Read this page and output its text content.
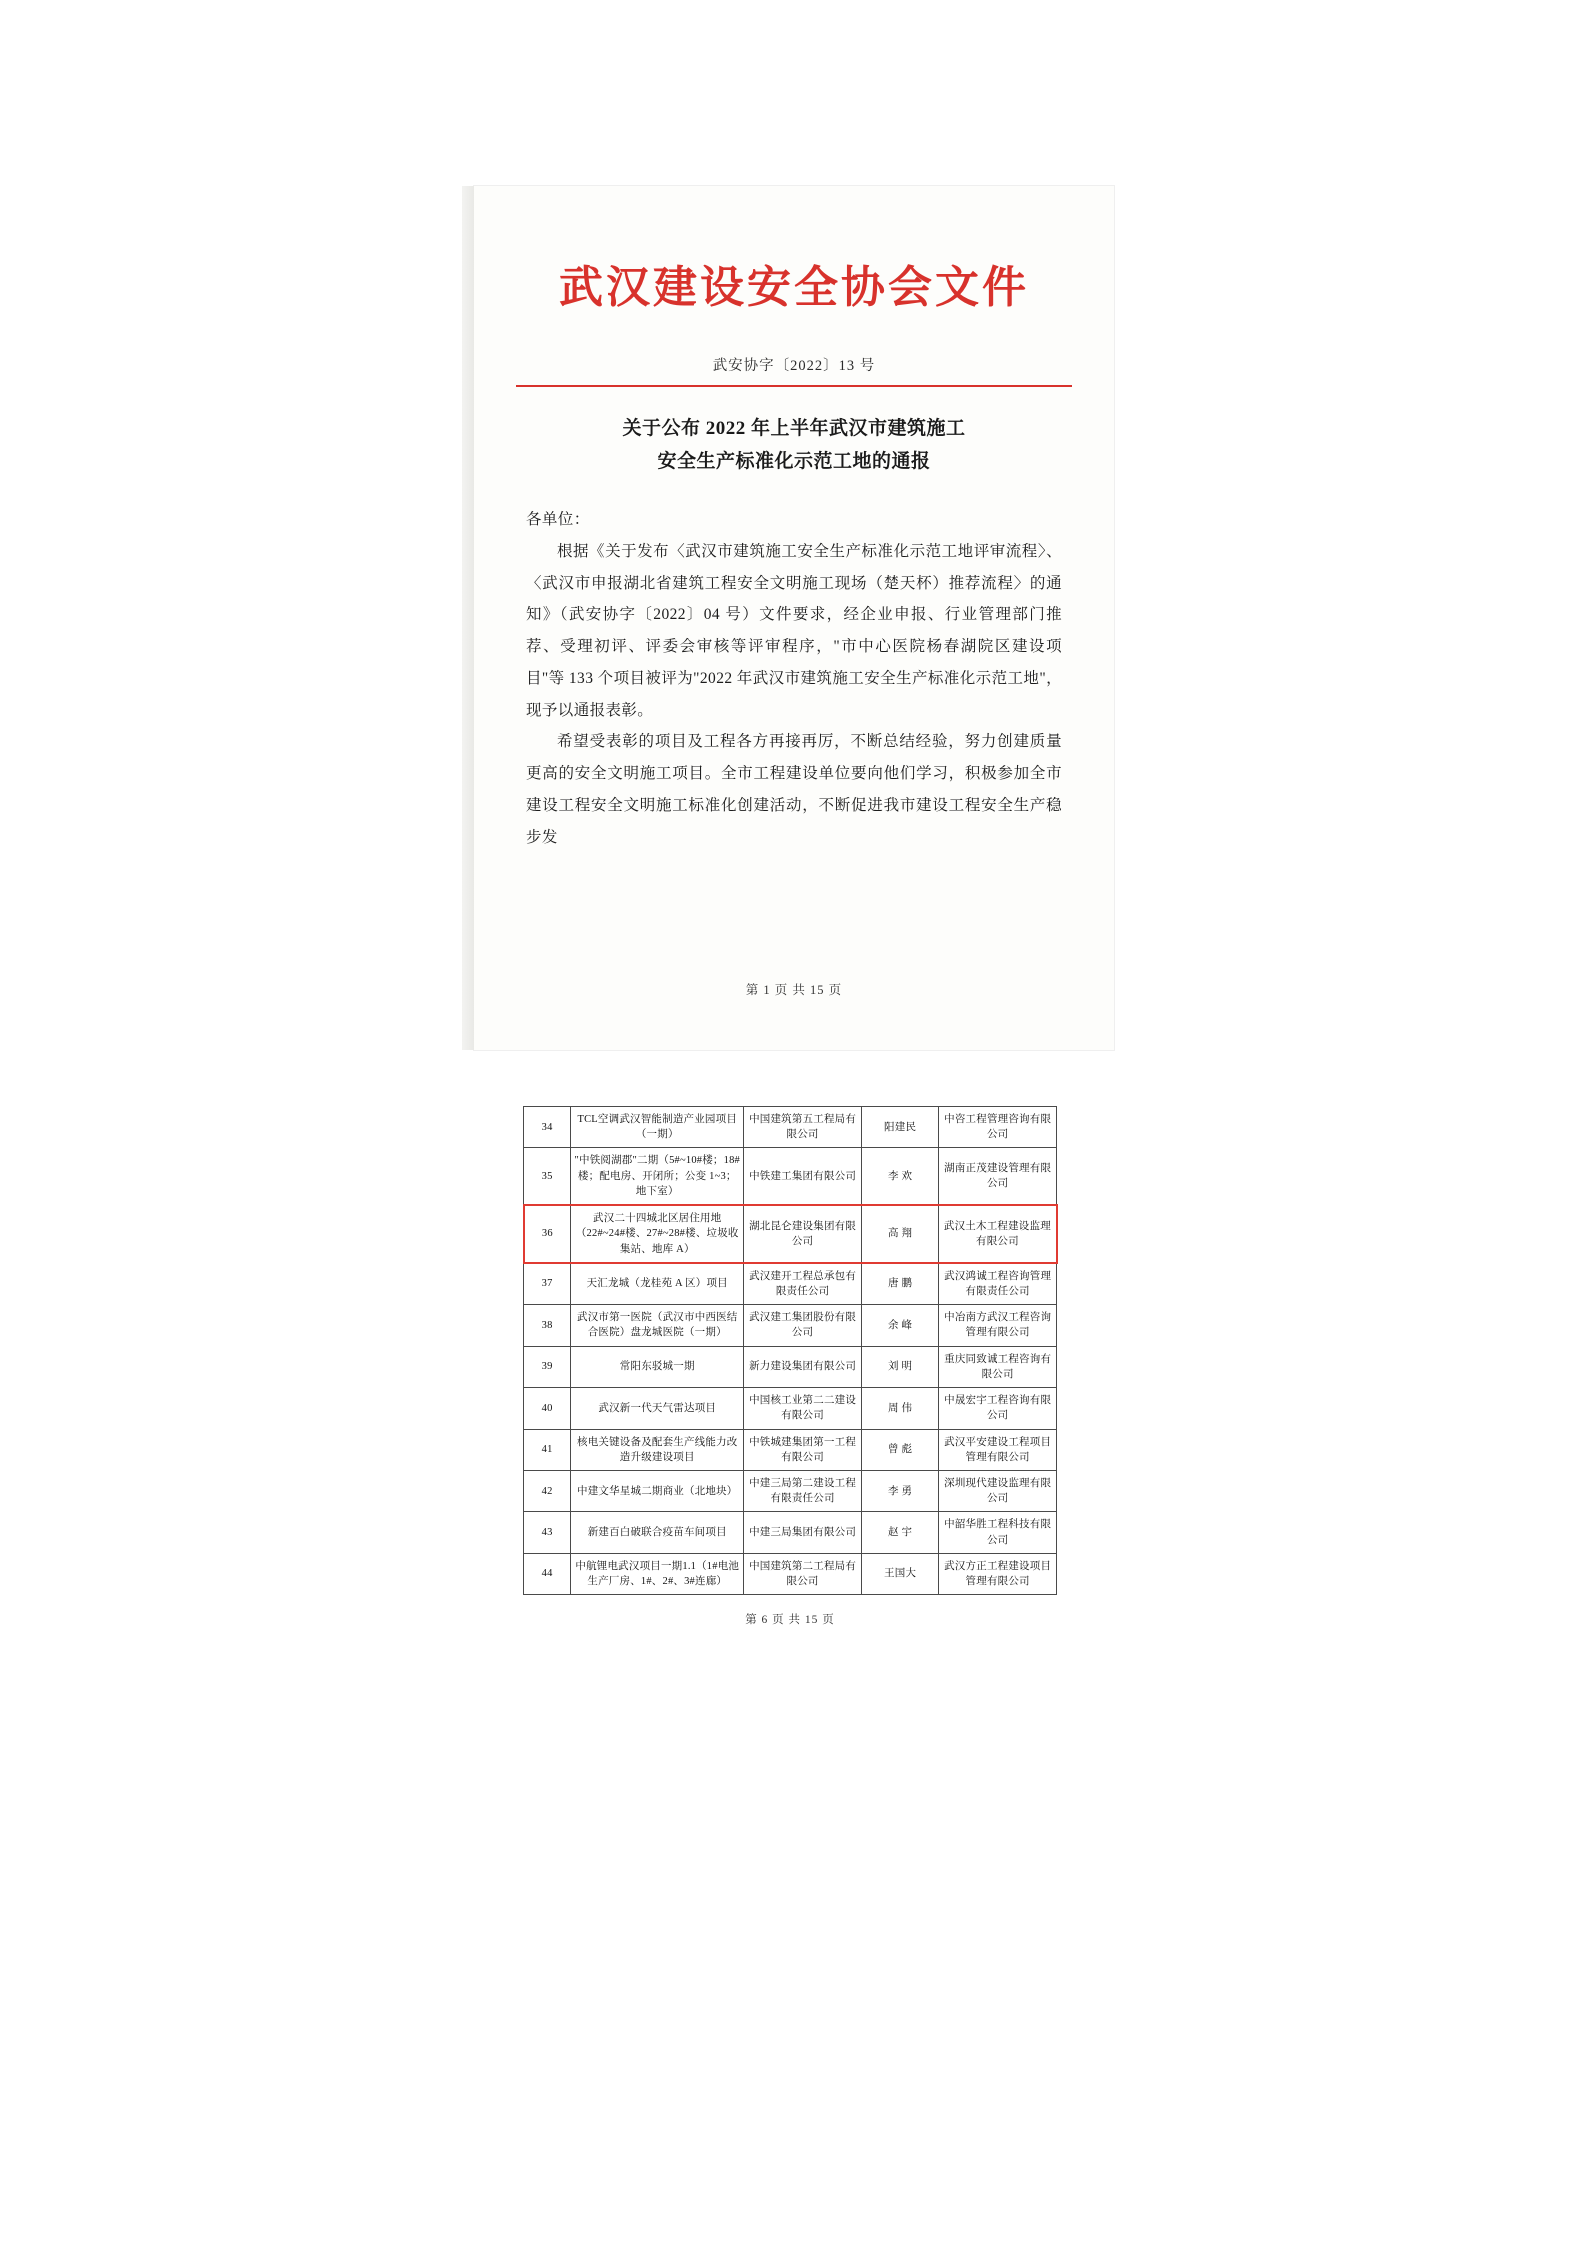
武汉建设安全协会文件
武安协字〔2022〕13 号
关于公布 2022 年上半年武汉市建筑施工
安全生产标准化示范工地的通报

各单位：

根据《关于发布〈武汉市建筑施工安全生产标准化示范工地评审流程〉、〈武汉市申报湖北省建筑工程安全文明施工现场（楚天杯）推荐流程〉的通知》（武安协字〔2022〕04 号）文件要求，经企业申报、行业管理部门推荐、受理初评、评委会审核等评审程序，"市中心医院杨春湖院区建设项目"等 133 个项目被评为"2022 年武汉市建筑施工安全生产标准化示范工地"，现予以通报表彰。

希望受表彰的项目及工程各方再接再厉，不断总结经验，努力创建质量更高的安全文明施工项目。全市工程建设单位要向他们学习，积极参加全市建设工程安全文明施工标准化创建活动，不断促进我市建设工程安全生产稳步发

第 1 页 共 15 页
34	TCL空调武汉智能制造产业园项目（一期）	中国建筑第五工程局有限公司	阳建民	中咨工程管理咨询有限公司
35	"中铁阅湖郡"二期（5#~10#楼；18#楼；配电房、开闭所；公变 1~3；地下室）	中铁建工集团有限公司	李 欢	湖南正茂建设管理有限公司
36	武汉二十四城北区居住用地（22#~24#楼、27#~28#楼、垃圾收集站、地库 A）	湖北昆仑建设集团有限公司	高 翔	武汉土木工程建设监理有限公司
37	天汇龙城（龙桂苑 A 区）项目	武汉建开工程总承包有限责任公司	唐 鹏	武汉鸿诚工程咨询管理有限责任公司
38	武汉市第一医院（武汉市中西医结合医院）盘龙城医院（一期）	武汉建工集团股份有限公司	余 峰	中冶南方武汉工程咨询管理有限公司
39	常阳东驳城一期	新力建设集团有限公司	刘 明	重庆同致诚工程咨询有限公司
40	武汉新一代天气雷达项目	中国核工业第二二建设有限公司	周 伟	中晟宏宇工程咨询有限公司
41	核电关键设备及配套生产线能力改造升级建设项目	中铁城建集团第一工程有限公司	曾 彪	武汉平安建设工程项目管理有限公司
42	中建文华星城二期商业（北地块）	中建三局第二建设工程有限责任公司	李 勇	深圳现代建设监理有限公司
43	新建百白破联合疫苗车间项目	中建三局集团有限公司	赵 宇	中韶华胜工程科技有限公司
44	中航锂电武汉项目一期1.1（1#电池生产厂房、1#、2#、3#连廊）	中国建筑第二工程局有限公司	王国大	武汉方正工程建设项目管理有限公司
第 6 页 共 15 页
